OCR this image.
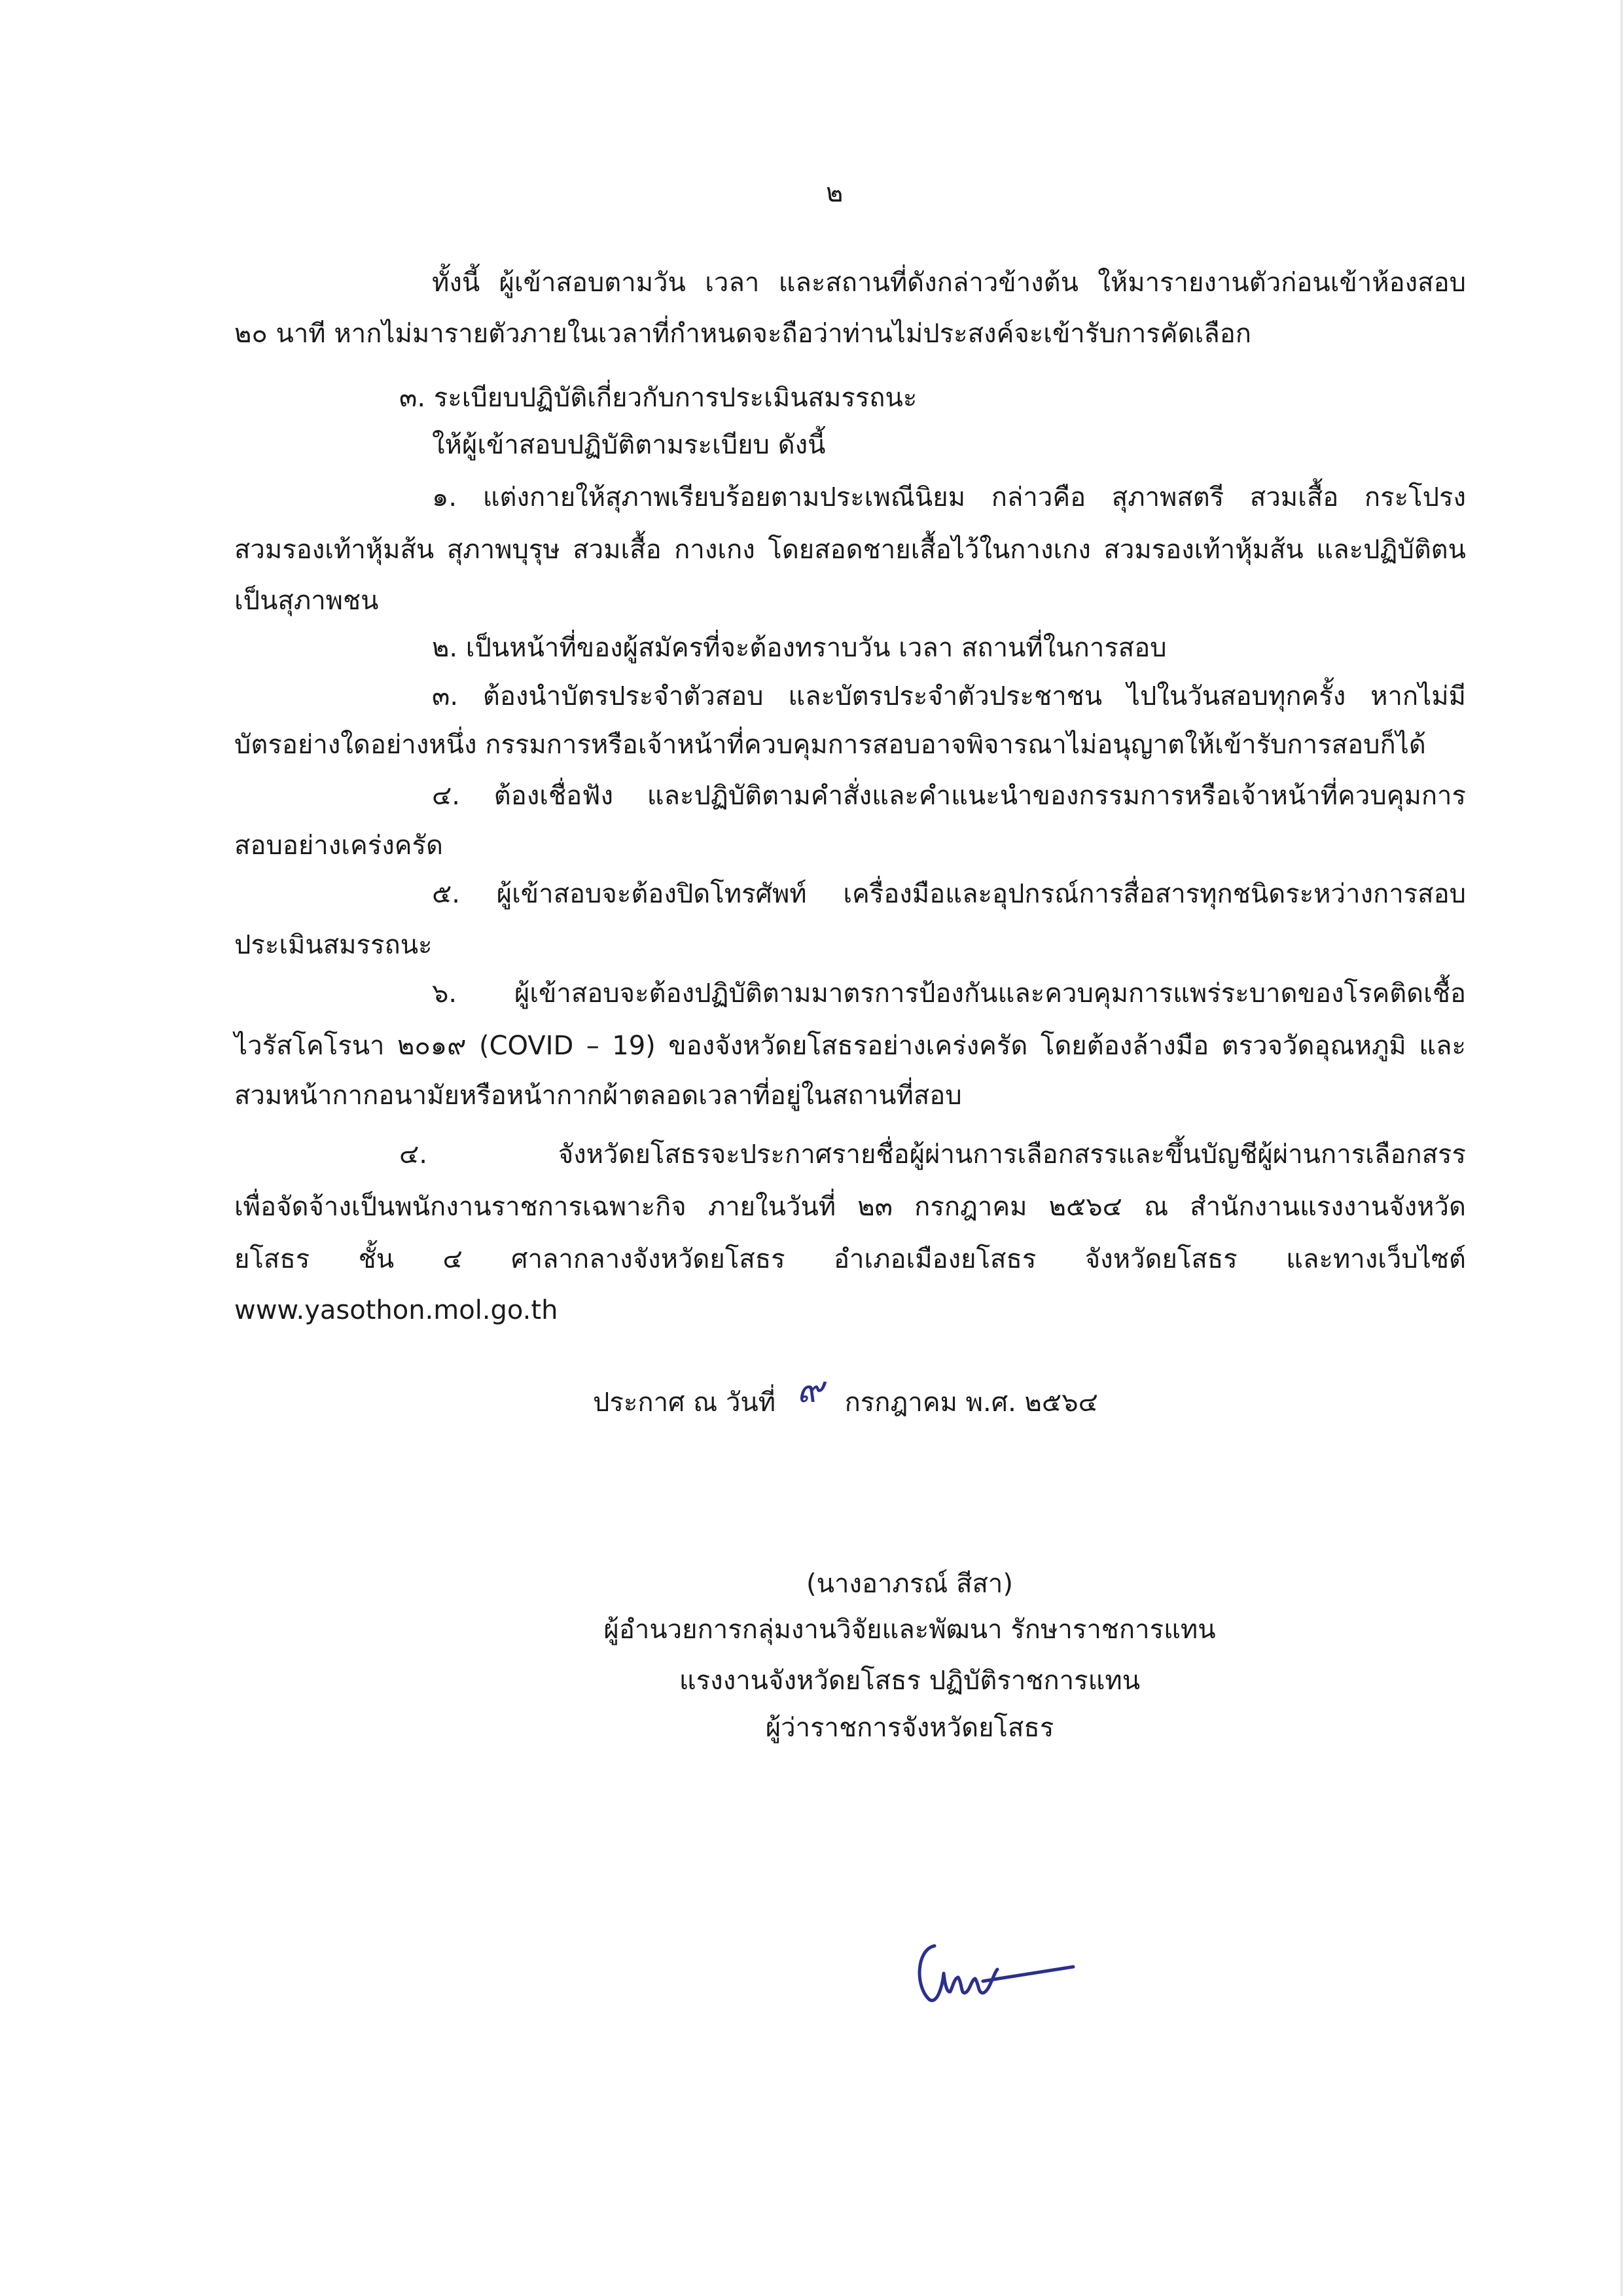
๒
ทั้งนี้ ผู้เข้าสอบตามวัน เวลา และสถานที่ดังกล่าวข้างต้น ให้มารายงานตัวก่อนเข้าห้องสอบ
๒๐ นาที หากไม่มารายตัวภายในเวลาที่กำหนดจะถือว่าท่านไม่ประสงค์จะเข้ารับการคัดเลือก
๓. ระเบียบปฏิบัติเกี่ยวกับการประเมินสมรรถนะ
ให้ผู้เข้าสอบปฏิบัติตามระเบียบ ดังนี้
๑. แต่งกายให้สุภาพเรียบร้อยตามประเพณีนิยม กล่าวคือ สุภาพสตรี สวมเสื้อ กระโปรง
สวมรองเท้าหุ้มส้น สุภาพบุรุษ สวมเสื้อ กางเกง โดยสอดชายเสื้อไว้ในกางเกง สวมรองเท้าหุ้มส้น และปฏิบัติตน
เป็นสุภาพชน
๒. เป็นหน้าที่ของผู้สมัครที่จะต้องทราบวัน เวลา สถานที่ในการสอบ
๓. ต้องนำบัตรประจำตัวสอบ และบัตรประจำตัวประชาชน ไปในวันสอบทุกครั้ง หากไม่มี
บัตรอย่างใดอย่างหนึ่ง กรรมการหรือเจ้าหน้าที่ควบคุมการสอบอาจพิจารณาไม่อนุญาตให้เข้ารับการสอบก็ได้
๔. ต้องเชื่อฟัง และปฏิบัติตามคำสั่งและคำแนะนำของกรรมการหรือเจ้าหน้าที่ควบคุมการ
สอบอย่างเคร่งครัด
๕. ผู้เข้าสอบจะต้องปิดโทรศัพท์ เครื่องมือและอุปกรณ์การสื่อสารทุกชนิดระหว่างการสอบ
ประเมินสมรรถนะ
๖. ผู้เข้าสอบจะต้องปฏิบัติตามมาตรการป้องกันและควบคุมการแพร่ระบาดของโรคติดเชื้อ
ไวรัสโคโรนา ๒๐๑๙ (COVID – 19) ของจังหวัดยโสธรอย่างเคร่งครัด โดยต้องล้างมือ ตรวจวัดอุณหภูมิ และ
สวมหน้ากากอนามัยหรือหน้ากากผ้าตลอดเวลาที่อยู่ในสถานที่สอบ
๔. จังหวัดยโสธรจะประกาศรายชื่อผู้ผ่านการเลือกสรรและขึ้นบัญชีผู้ผ่านการเลือกสรร
เพื่อจัดจ้างเป็นพนักงานราชการเฉพาะกิจ ภายในวันที่ ๒๓ กรกฎาคม ๒๕๖๔ ณ สำนักงานแรงงานจังหวัด
ยโสธร ชั้น ๔ ศาลากลางจังหวัดยโสธร อำเภอเมืองยโสธร จังหวัดยโสธร และทางเว็บไซต์
www.yasothon.mol.go.th
ประกาศ ณ วันที่ ๙ กรกฎาคม พ.ศ. ๒๕๖๔
(นางอาภรณ์ สีสา)
ผู้อำนวยการกลุ่มงานวิจัยและพัฒนา รักษาราชการแทน
แรงงานจังหวัดยโสธร ปฏิบัติราชการแทน
ผู้ว่าราชการจังหวัดยโสธร
